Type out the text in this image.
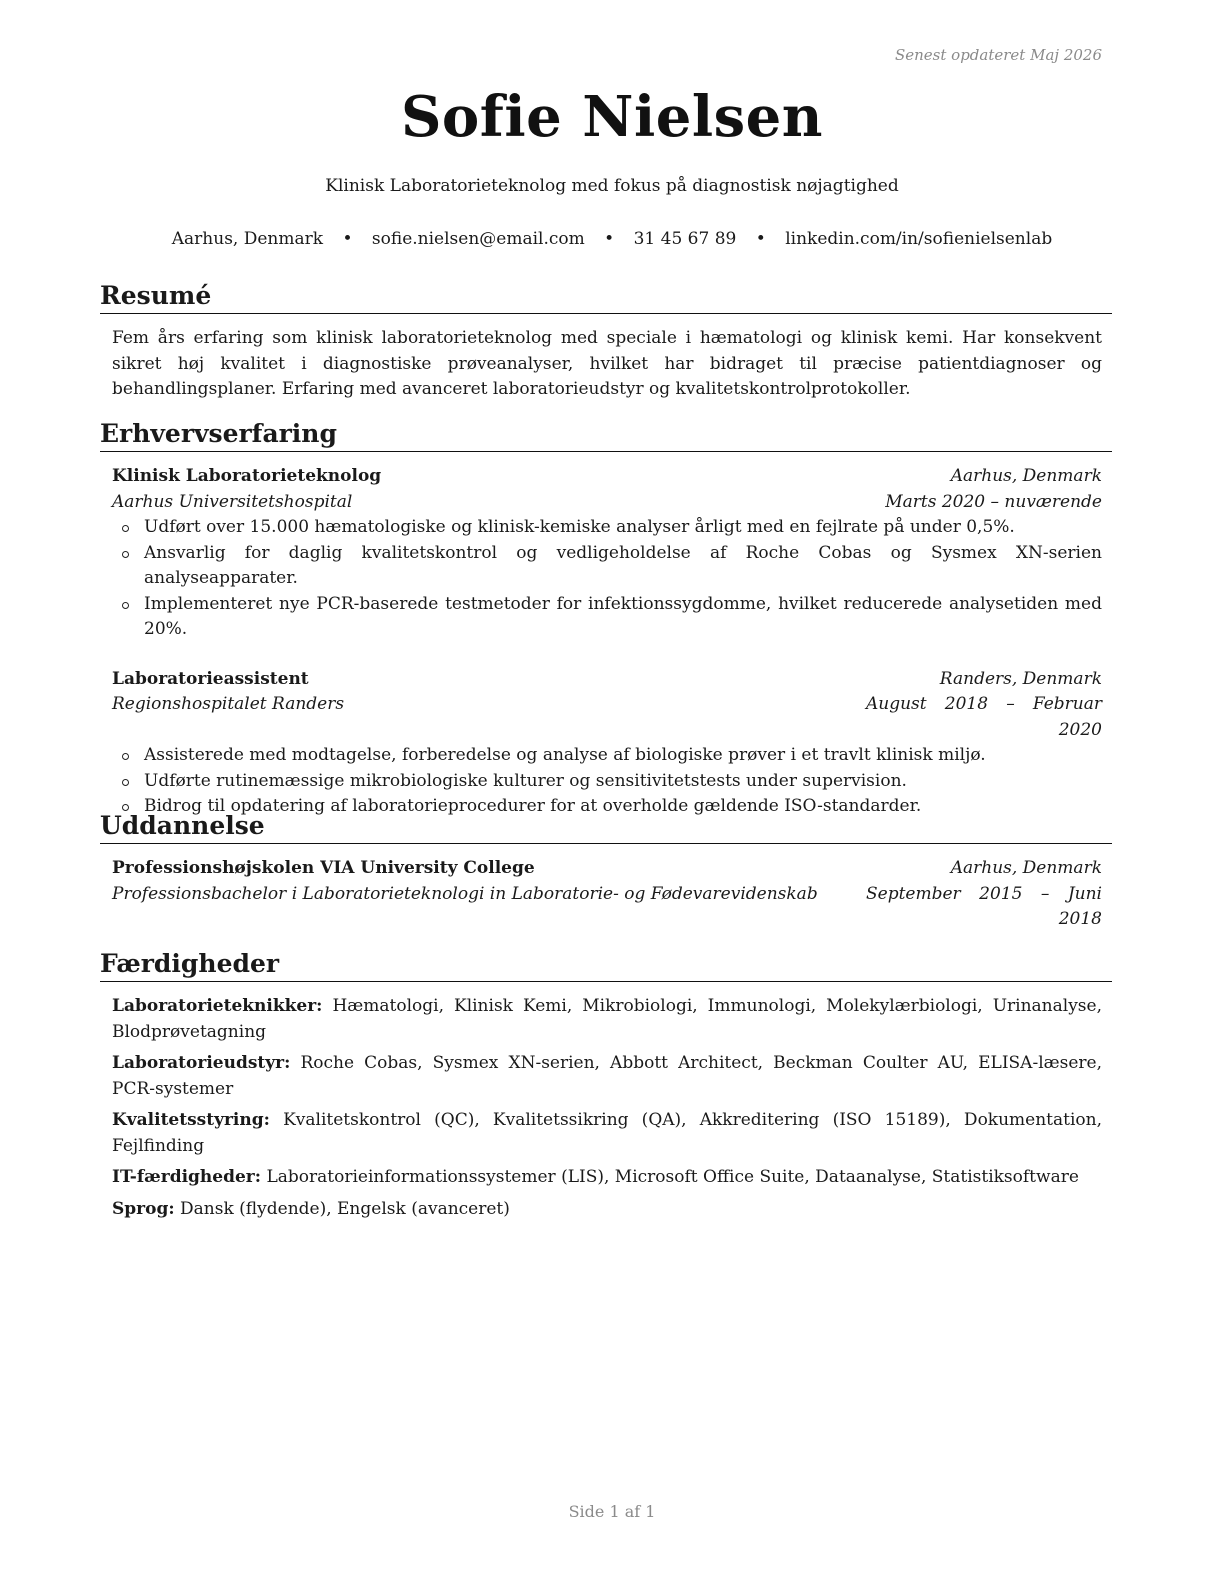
Senest opdateret Maj 2026
Sofie Nielsen
Klinisk Laboratorieteknolog med fokus på diagnostisk nøjagtighed
Aarhus, Denmark • sofie.nielsen@email.com • 31 45 67 89 • linkedin.com/in/sofienielsenlab
Resumé

Fem års erfaring som klinisk laboratorieteknolog med speciale i hæmatologi og klinisk kemi. Har konsekvent sikret høj kvalitet i diagnostiske prøveanalyser, hvilket har bidraget til præcise patientdiagnoser og behandlingsplaner. Erfaring med avanceret laboratorieudstyr og kvalitetskontrolprotokoller.

Erhvervserfaring
Klinisk Laboratorieteknolog	Aarhus, Denmark
Aarhus Universitetshospital	Marts 2020 – nuværende
Udført over 15.000 hæmatologiske og klinisk-kemiske analyser årligt med en fejlrate på under 0,5%.
Ansvarlig for daglig kvalitetskontrol og vedligeholdelse af Roche Cobas og Sysmex XN-serien analyseapparater.
Implementeret nye PCR-baserede testmetoder for infektionssygdomme, hvilket reducerede analysetiden med 20%.
Laboratorieassistent	Randers, Denmark
Regionshospitalet Randers	August 2018 – Februar 2020
Assisterede med modtagelse, forberedelse og analyse af biologiske prøver i et travlt klinisk miljø.
Udførte rutinemæssige mikrobiologiske kulturer og sensitivitetstests under supervision.
Bidrog til opdatering af laboratorieprocedurer for at overholde gældende ISO-standarder.
Uddannelse
Professionshøjskolen VIA University College	Aarhus, Denmark
Professionsbachelor i Laboratorieteknologi in Laboratorie- og Fødevarevidenskab	September 2015 – Juni 2018
Færdigheder
Laboratorieteknikker: Hæmatologi, Klinisk Kemi, Mikrobiologi, Immunologi, Molekylærbiologi, Urinanalyse, Blodprøvetagning
Laboratorieudstyr: Roche Cobas, Sysmex XN-serien, Abbott Architect, Beckman Coulter AU, ELISA-læsere, PCR-systemer
Kvalitetsstyring: Kvalitetskontrol (QC), Kvalitetssikring (QA), Akkreditering (ISO 15189), Dokumentation, Fejlfinding
IT-færdigheder: Laboratorieinformationssystemer (LIS), Microsoft Office Suite, Dataanalyse, Statistiksoftware
Sprog: Dansk (flydende), Engelsk (avanceret)
Side 1 af 1
